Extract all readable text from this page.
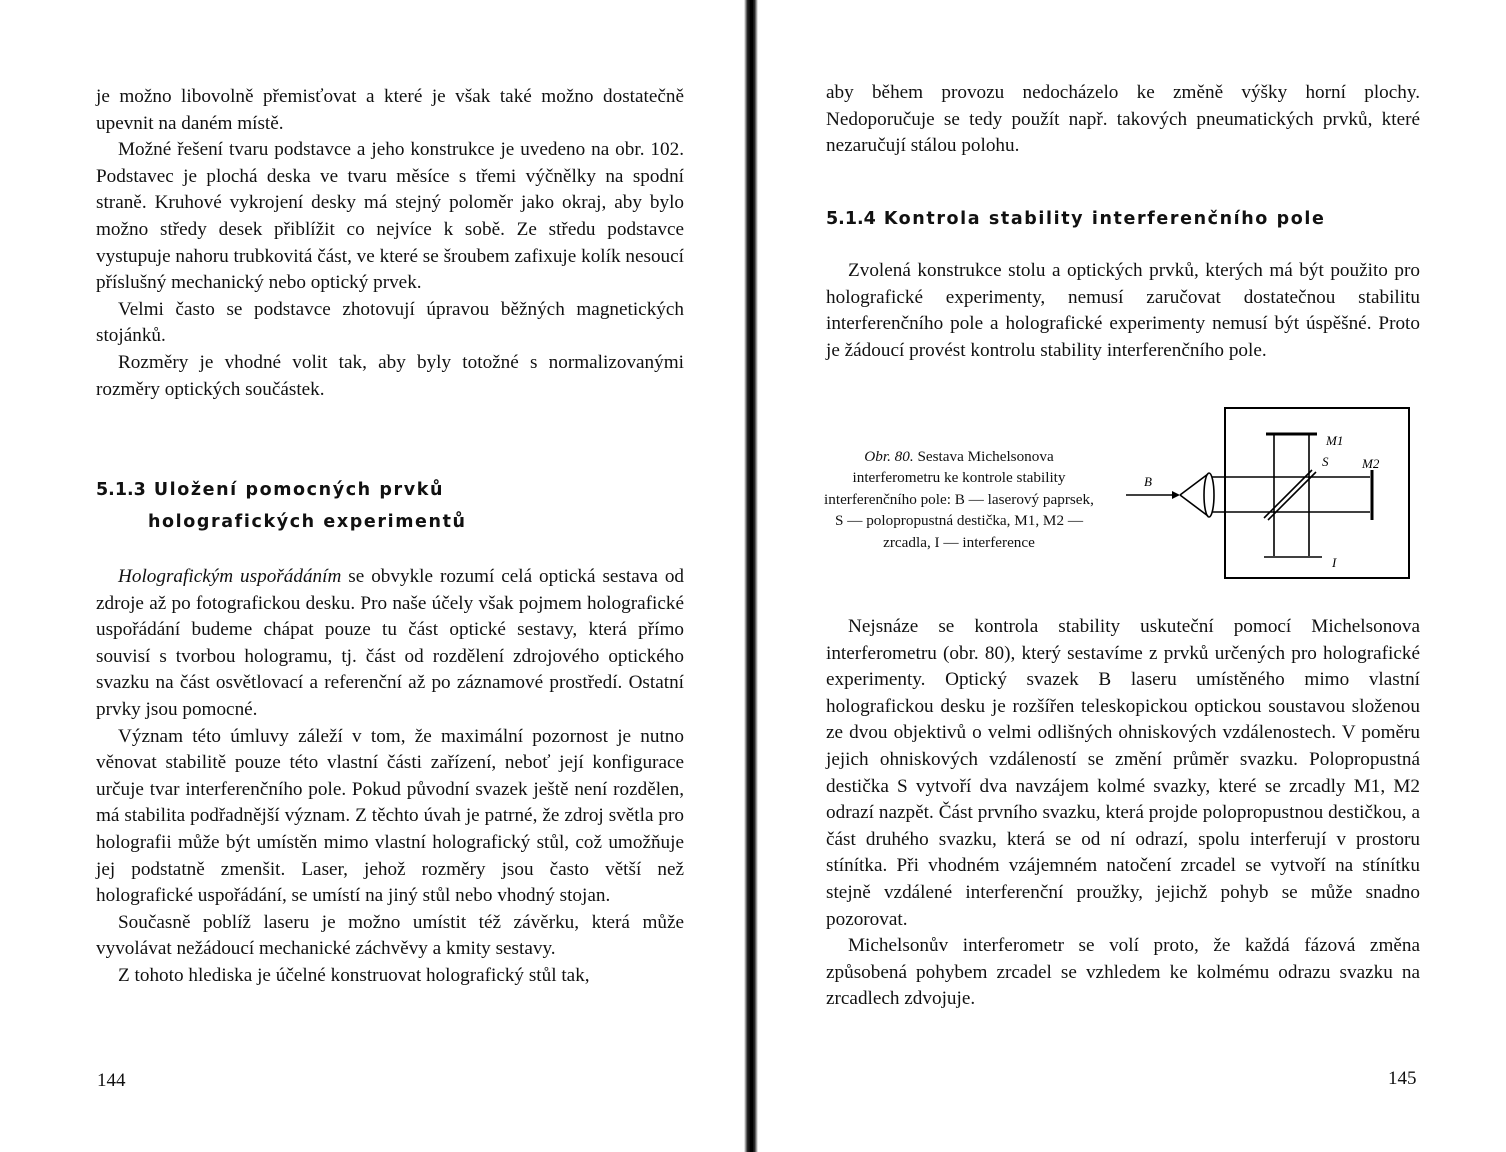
je možno libovolně přemisťovat a které je však také možno dostatečně upevnit na daném místě.

Možné řešení tvaru podstavce a jeho konstrukce je uvedeno na obr. 102. Podstavec je plochá deska ve tvaru měsíce s třemi výčnělky na spodní straně. Kruhové vykrojení desky má stejný poloměr jako okraj, aby bylo možno středy desek přiblížit co nejvíce k sobě. Ze středu podstavce vystupuje nahoru trubkovitá část, ve které se šroubem zafixuje kolík nesoucí příslušný mechanický nebo optický prvek.

Velmi často se podstavce zhotovují úpravou běžných magnetických stojánků.

Rozměry je vhodné volit tak, aby byly totožné s normalizovanými rozměry optických součástek.

5.1.3 Uložení pomocných prvků
holografických experimentů

Holografickým uspořádáním se obvykle rozumí celá optická sestava od zdroje až po fotografickou desku. Pro naše účely však pojmem holografické uspořádání budeme chápat pouze tu část optické sestavy, která přímo souvisí s tvorbou hologramu, tj. část od rozdělení zdrojového optického svazku na část osvětlovací a referenční až po záznamové prostředí. Ostatní prvky jsou pomocné.

Význam této úmluvy záleží v tom, že maximální pozornost je nutno věnovat stabilitě pouze této vlastní části zařízení, neboť její konfigurace určuje tvar interferenčního pole. Pokud původní svazek ještě není rozdělen, má stabilita podřadnější význam. Z těchto úvah je patrné, že zdroj světla pro holografii může být umístěn mimo vlastní holografický stůl, což umožňuje jej podstatně zmenšit. Laser, jehož rozměry jsou často větší než holografické uspořádání, se umístí na jiný stůl nebo vhodný stojan.

Současně poblíž laseru je možno umístit též závěrku, která může vyvolávat nežádoucí mechanické záchvěvy a kmity sestavy.

Z tohoto hlediska je účelné konstruovat holografický stůl tak,

144

aby během provozu nedocházelo ke změně výšky horní plochy. Nedoporučuje se tedy použít např. takových pneumatických prvků, které nezaručují stálou polohu.

5.1.4 Kontrola stability interferenčního pole

Zvolená konstrukce stolu a optických prvků, kterých má být použito pro holografické experimenty, nemusí zaručovat dostatečnou stabilitu interferenčního pole a holografické experimenty nemusí být úspěšné. Proto je žádoucí provést kontrolu stability interferenčního pole.

Obr. 80. Sestava Michelsonova interferometru ke kontrole stability interferenčního pole: B — laserový paprsek, S — polopropustná destička, M1, M2 — zrcadla, I — interference
B
S
M1
M2
I

Nejsnáze se kontrola stability uskuteční pomocí Michelsonova interferometru (obr. 80), který sestavíme z prvků určených pro holografické experimenty. Optický svazek B laseru umístěného mimo vlastní holografickou desku je rozšířen teleskopickou optickou soustavou složenou ze dvou objektivů o velmi odlišných ohniskových vzdálenostech. V poměru jejich ohniskových vzdáleností se změní průměr svazku. Polopropustná destička S vytvoří dva navzájem kolmé svazky, které se zrcadly M1, M2 odrazí nazpět. Část prvního svazku, která projde polopropustnou destičkou, a část druhého svazku, která se od ní odrazí, spolu interferují v prostoru stínítka. Při vhodném vzájemném natočení zrcadel se vytvoří na stínítku stejně vzdálené interferenční proužky, jejichž pohyb se může snadno pozorovat.

Michelsonův interferometr se volí proto, že každá fázová změna způsobená pohybem zrcadel se vzhledem ke kolmému odrazu svazku na zrcadlech zdvojuje.

145
